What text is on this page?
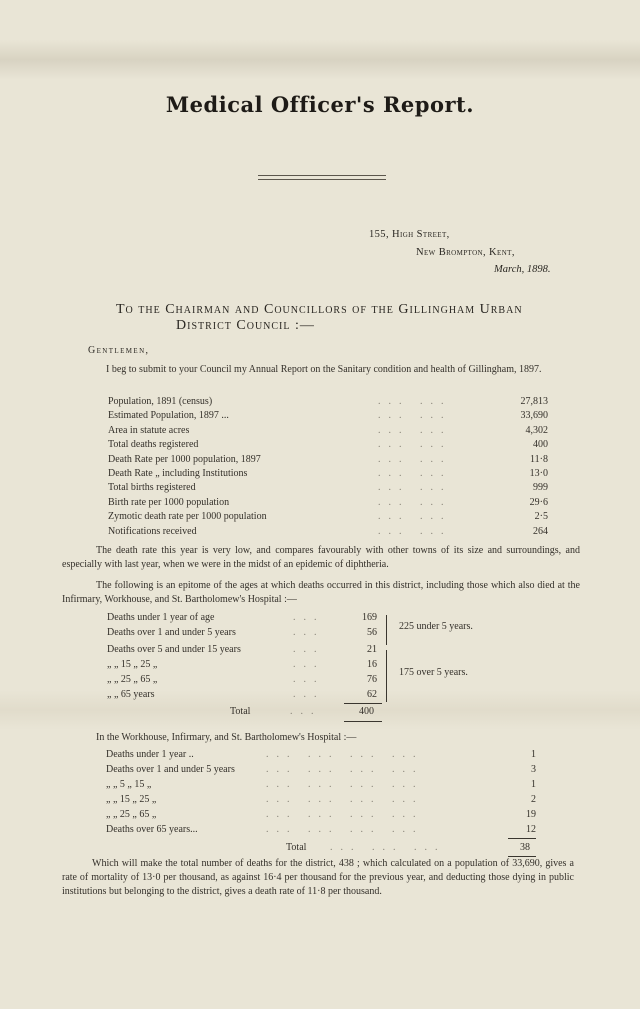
Medical Officer's Report.
155, High Street,
New Brompton, Kent,
March, 1898.
To the Chairman and Councillors of the Gillingham Urban
District Council :—
Gentlemen,
I beg to submit to your Council my Annual Report on the Sanitary condition and health of Gillingham, 1897.
Population, 1891 (census)	... ...	27,813
Estimated Population, 1897 ...	... ...	33,690
Area in statute acres	... ...	4,302
Total deaths registered	... ...	400
Death Rate per 1000 population, 1897	... ...	11·8
Death Rate „ including Institutions	... ...	13·0
Total births registered	... ...	999
Birth rate per 1000 population	... ...	29·6
Zymotic death rate per 1000 population	... ...	2·5
Notifications received	... ...	264
The death rate this year is very low, and compares favourably with other towns of its size and surroundings, and especially with last year, when we were in the midst of an epidemic of diphtheria.
The following is an epitome of the ages at which deaths occurred in this district, including those which also died at the Infirmary, Workhouse, and St. Bartholomew's Hospital :—
Deaths under 1 year of age	...	169
Deaths over 1 and under 5 years	...	56
Deaths over 5 and under 15 years	...	21
„ „ 15 „ 25 „	...	16
„ „ 25 „ 65 „	...	76
„ „ 65 years	...	62
225 under 5 years.
175 over 5 years.
Total	...	400
In the Workhouse, Infirmary, and St. Bartholomew's Hospital :—
Deaths under 1 year ..	... ... ... ...	1
Deaths over 1 and under 5 years	... ... ... ...	3
„ „ 5 „ 15 „	... ... ... ...	1
„ „ 15 „ 25 „	... ... ... ...	2
„ „ 25 „ 65 „	... ... ... ...	19
Deaths over 65 years...	... ... ... ...	12
Total ... ... ...	38
Which will make the total number of deaths for the district, 438 ; which calculated on a population of 33,690, gives a rate of mortality of 13·0 per thousand, as against 16·4 per thousand for the previous year, and deducting those dying in public institutions but belonging to the district, gives a death rate of 11·8 per thousand.
